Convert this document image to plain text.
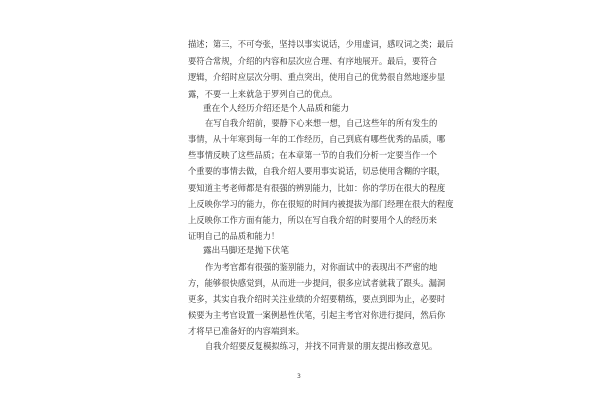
描述；第三，不可夸张，坚持以事实说话，少用虚词，感叹词之类；最后
要符合常规，介绍的内容和层次应合理、有序地展开。最后，要符合
逻辑，介绍时应层次分明、重点突出，使用自己的优势很自然地逐步显
露，不要一上来就急于罗列自己的优点。
重在个人经历介绍还是个人品质和能力
在写自我介绍前，要静下心来想一想，自己这些年的所有发生的
事情，从十年寒到每一年的工作经历，自己到底有哪些优秀的品质，哪
些事情反映了这些品质；在本章第一节的自我们分析一定要当作一个
个重要的事情去做，自我介绍人要用事实说话，切忌使用含糊的字眼，
要知道主考老师都是有很强的辨别能力，比如：你的学历在很大的程度
上反映你学习的能力，你在很短的时间内被提拔为部门经理在很大的程度
上反映你工作方面有能力，所以在写自我介绍的时要用个人的经历来
证明自己的品质和能力！
露出马脚还是抛下伏笔
作为考官都有很强的鉴别能力，对你面试中的表现出不严密的地
方，能够很快感觉到，从而进一步提问，很多应试者就栽了跟头。漏洞
更多，其实自我介绍时关注业绩的介绍要精练，要点到即为止，必要时
候要为主考官设置一案例悬性伏笔，引起主考官对你进行提问，然后你
才将早已准备好的内容端到来。
自我介绍要反复模拟练习，并找不同背景的朋友提出修改意见。
3
